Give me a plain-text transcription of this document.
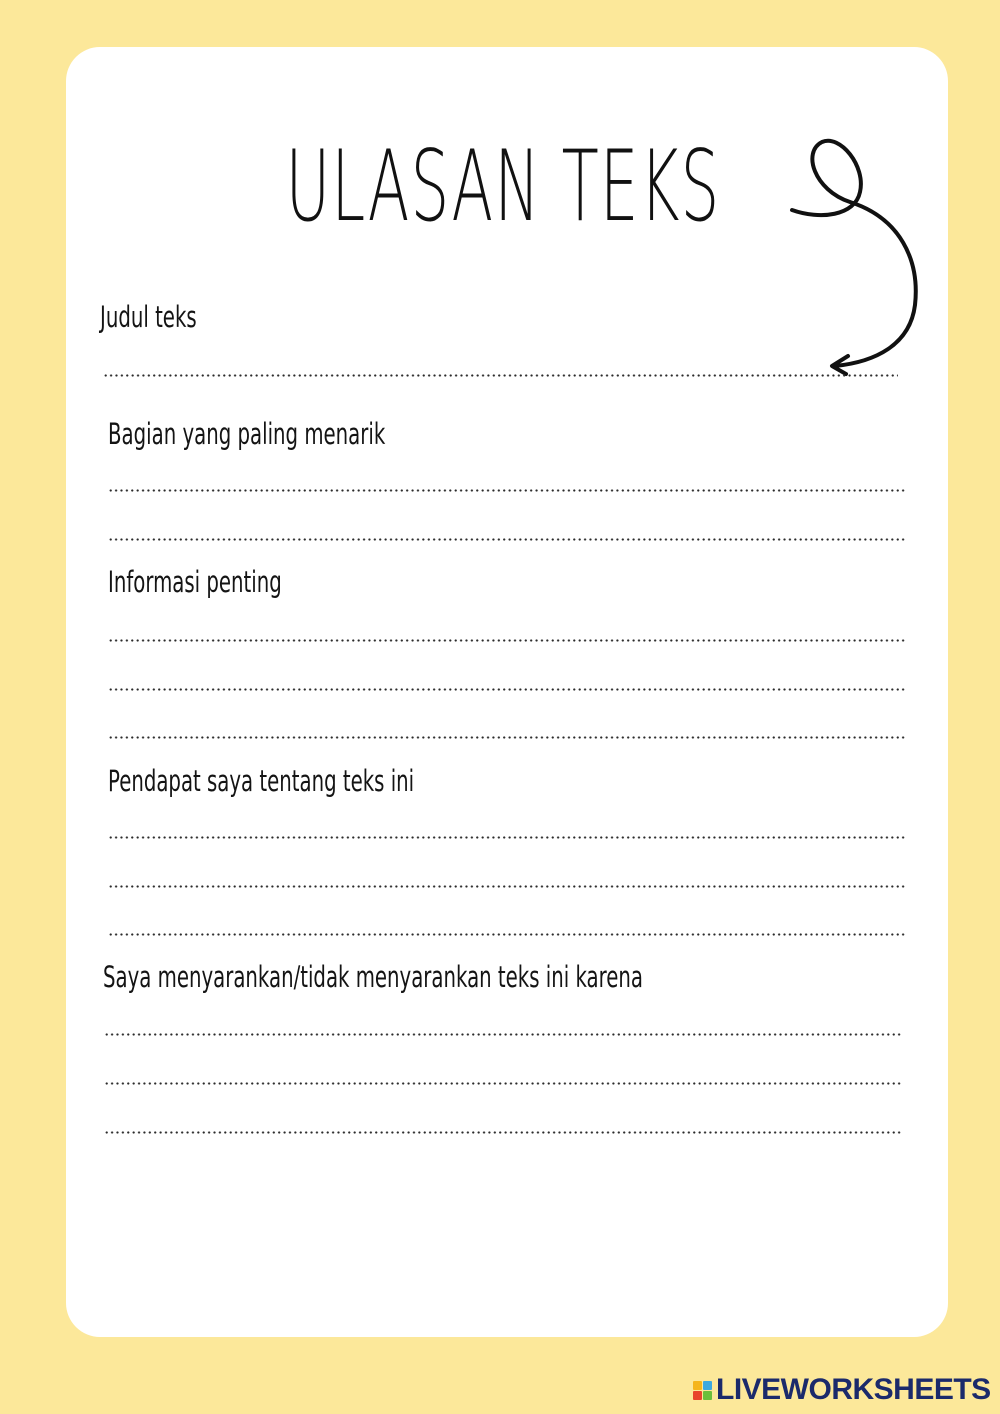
ULASAN TEKS
Judul teks
Bagian yang paling menarik
Informasi penting
Pendapat saya tentang teks ini
Saya menyarankan/tidak menyarankan teks ini karena
LIVEWORKSHEETS
